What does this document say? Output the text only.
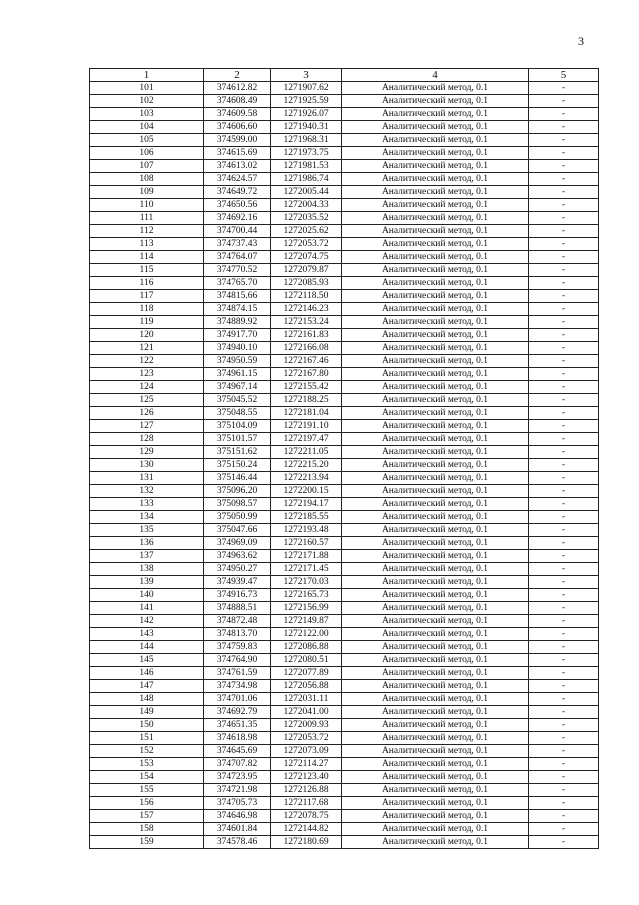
3
1	2	3	4	5
101	374612.82	1271907.62	Аналитический метод, 0.1	-
102	374608.49	1271925.59	Аналитический метод, 0.1	-
103	374609.58	1271926.07	Аналитический метод, 0.1	-
104	374606.60	1271940.31	Аналитический метод, 0.1	-
105	374599.00	1271968.31	Аналитический метод, 0.1	-
106	374615.69	1271973.75	Аналитический метод, 0.1	-
107	374613.02	1271981.53	Аналитический метод, 0.1	-
108	374624.57	1271986.74	Аналитический метод, 0.1	-
109	374649.72	1272005.44	Аналитический метод, 0.1	-
110	374650.56	1272004.33	Аналитический метод, 0.1	-
111	374692.16	1272035.52	Аналитический метод, 0.1	-
112	374700.44	1272025.62	Аналитический метод, 0.1	-
113	374737.43	1272053.72	Аналитический метод, 0.1	-
114	374764.07	1272074.75	Аналитический метод, 0.1	-
115	374770.52	1272079.87	Аналитический метод, 0.1	-
116	374765.70	1272085.93	Аналитический метод, 0.1	-
117	374815.66	1272118.50	Аналитический метод, 0.1	-
118	374874.15	1272146.23	Аналитический метод, 0.1	-
119	374889.92	1272153.24	Аналитический метод, 0.1	-
120	374917.70	1272161.83	Аналитический метод, 0.1	-
121	374940.10	1272166.08	Аналитический метод, 0.1	-
122	374950.59	1272167.46	Аналитический метод, 0.1	-
123	374961.15	1272167.80	Аналитический метод, 0.1	-
124	374967.14	1272155.42	Аналитический метод, 0.1	-
125	375045.52	1272188.25	Аналитический метод, 0.1	-
126	375048.55	1272181.04	Аналитический метод, 0.1	-
127	375104.09	1272191.10	Аналитический метод, 0.1	-
128	375101.57	1272197.47	Аналитический метод, 0.1	-
129	375151.62	1272211.05	Аналитический метод, 0.1	-
130	375150.24	1272215.20	Аналитический метод, 0.1	-
131	375146.44	1272213.94	Аналитический метод, 0.1	-
132	375096.20	1272200.15	Аналитический метод, 0.1	-
133	375098.57	1272194.17	Аналитический метод, 0.1	-
134	375050.99	1272185.55	Аналитический метод, 0.1	-
135	375047.66	1272193.48	Аналитический метод, 0.1	-
136	374969.09	1272160.57	Аналитический метод, 0.1	-
137	374963.62	1272171.88	Аналитический метод, 0.1	-
138	374950.27	1272171.45	Аналитический метод, 0.1	-
139	374939.47	1272170.03	Аналитический метод, 0.1	-
140	374916.73	1272165.73	Аналитический метод, 0.1	-
141	374888.51	1272156.99	Аналитический метод, 0.1	-
142	374872.48	1272149.87	Аналитический метод, 0.1	-
143	374813.70	1272122.00	Аналитический метод, 0.1	-
144	374759.83	1272086.88	Аналитический метод, 0.1	-
145	374764.90	1272080.51	Аналитический метод, 0.1	-
146	374761.59	1272077.89	Аналитический метод, 0.1	-
147	374734.98	1272056.88	Аналитический метод, 0.1	-
148	374701.06	1272031.11	Аналитический метод, 0.1	-
149	374692.79	1272041.00	Аналитический метод, 0.1	-
150	374651.35	1272009.93	Аналитический метод, 0.1	-
151	374618.98	1272053.72	Аналитический метод, 0.1	-
152	374645.69	1272073.09	Аналитический метод, 0.1	-
153	374707.82	1272114.27	Аналитический метод, 0.1	-
154	374723.95	1272123.40	Аналитический метод, 0.1	-
155	374721.98	1272126.88	Аналитический метод, 0.1	-
156	374705.73	1272117.68	Аналитический метод, 0.1	-
157	374646.98	1272078.75	Аналитический метод, 0.1	-
158	374601.84	1272144.82	Аналитический метод, 0.1	-
159	374578.46	1272180.69	Аналитический метод, 0.1	-
